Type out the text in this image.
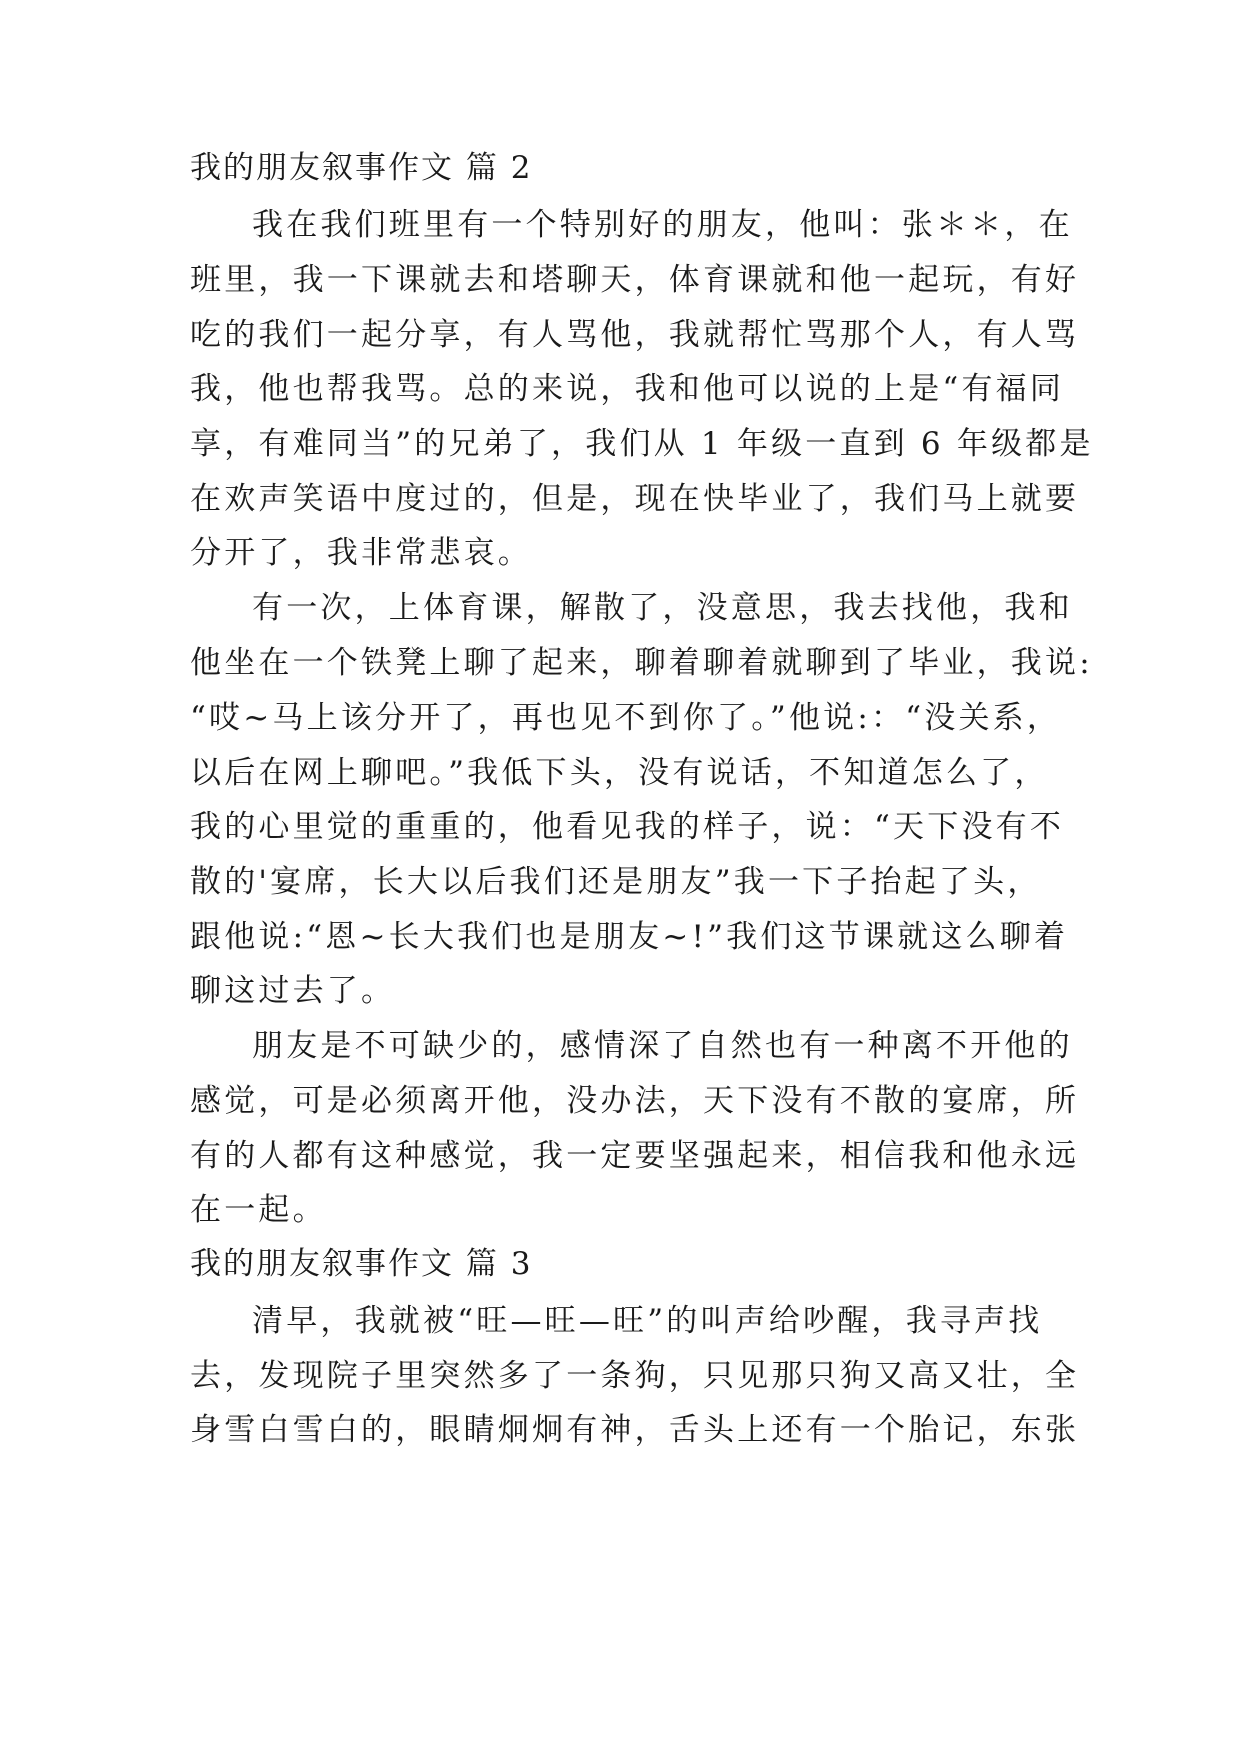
我的朋友叙事作文 篇 2
我在我们班里有一个特别好的朋友，他叫：张＊＊，在
班里，我一下课就去和塔聊天，体育课就和他一起玩，有好
吃的我们一起分享，有人骂他，我就帮忙骂那个人，有人骂
我，他也帮我骂。总的来说，我和他可以说的上是“有福同
享，有难同当”的兄弟了，我们从 1 年级一直到 6 年级都是
在欢声笑语中度过的，但是，现在快毕业了，我们马上就要
分开了，我非常悲哀。
有一次，上体育课，解散了，没意思，我去找他，我和
他坐在一个铁凳上聊了起来，聊着聊着就聊到了毕业，我说:
“哎~马上该分开了，再也见不到你了。”他说:：“没关系，
以后在网上聊吧。”我低下头，没有说话，不知道怎么了，
我的心里觉的重重的，他看见我的样子，说：“天下没有不
散的'宴席，长大以后我们还是朋友”我一下子抬起了头，
跟他说:“恩~长大我们也是朋友~!”我们这节课就这么聊着
聊这过去了。
朋友是不可缺少的，感情深了自然也有一种离不开他的
感觉，可是必须离开他，没办法，天下没有不散的宴席，所
有的人都有这种感觉，我一定要坚强起来，相信我和他永远
在一起。
我的朋友叙事作文 篇 3
清早，我就被“旺—旺—旺”的叫声给吵醒，我寻声找
去，发现院子里突然多了一条狗，只见那只狗又高又壮，全
身雪白雪白的，眼睛炯炯有神，舌头上还有一个胎记，东张
